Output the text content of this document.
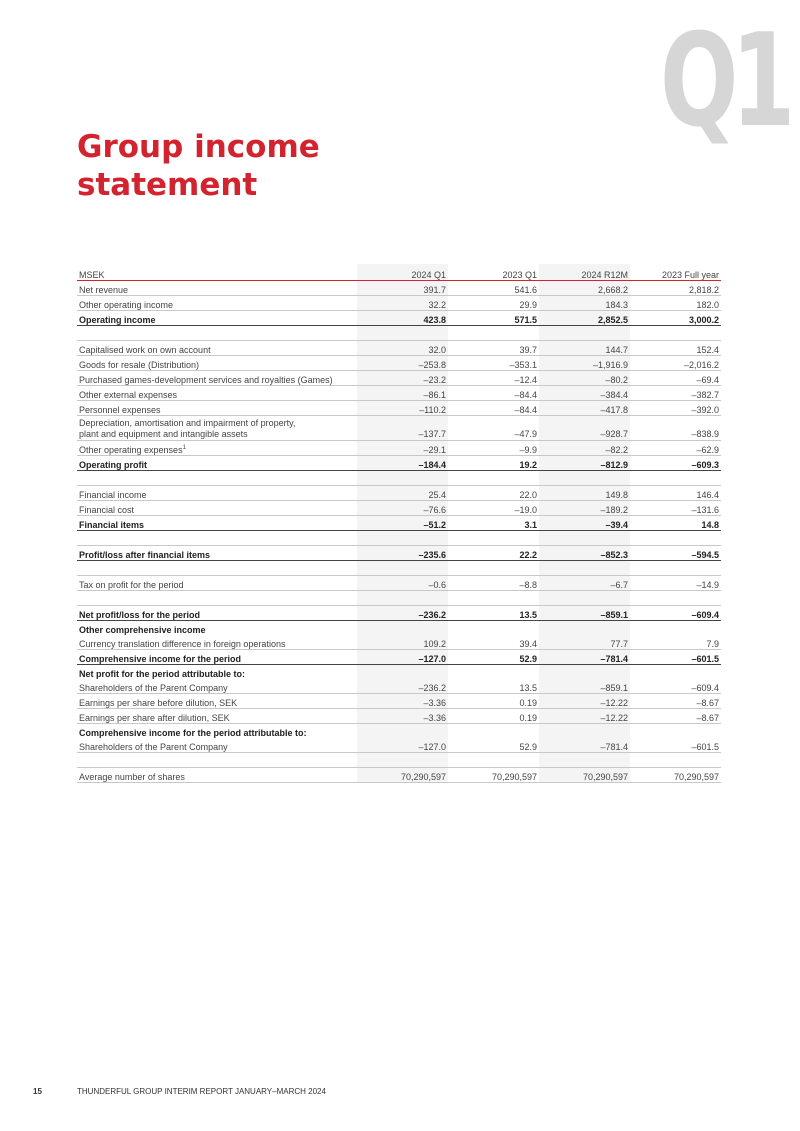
Q1
Group income
statement
MSEK	2024 Q1	2023 Q1	2024 R12M	2023 Full year
Net revenue	391.7	541.6	2,668.2	2,818.2
Other operating income	32.2	29.9	184.3	182.0
Operating income	423.8	571.5	2,852.5	3,000.2

Capitalised work on own account	32.0	39.7	144.7	152.4
Goods for resale (Distribution)	–253.8	–353.1	–1,916.9	–2,016.2
Purchased games-development services and royalties (Games)	–23.2	–12.4	–80.2	–69.4
Other external expenses	–86.1	–84.4	–384.4	–382.7
Personnel expenses	–110.2	–84.4	–417.8	–392.0
Depreciation, amortisation and impairment of property,
plant and equipment and intangible assets	–137.7	–47.9	–928.7	–838.9
Other operating expenses$^1$	–29.1	–9.9	–82.2	–62.9
Operating profit	–184.4	19.2	–812.9	–609.3

Financial income	25.4	22.0	149.8	146.4
Financial cost	–76.6	–19.0	–189.2	–131.6
Financial items	–51.2	3.1	–39.4	14.8

Profit/loss after financial items	–235.6	22.2	–852.3	–594.5

Tax on profit for the period	–0.6	–8.8	–6.7	–14.9

Net profit/loss for the period	–236.2	13.5	–859.1	–609.4
Other comprehensive income				
Currency translation difference in foreign operations	109.2	39.4	77.7	7.9
Comprehensive income for the period	–127.0	52.9	–781.4	–601.5
Net profit for the period attributable to:				
Shareholders of the Parent Company	–236.2	13.5	–859.1	–609.4
Earnings per share before dilution, SEK	–3.36	0.19	–12.22	–8.67
Earnings per share after dilution, SEK	–3.36	0.19	–12.22	–8.67
Comprehensive income for the period attributable to:				
Shareholders of the Parent Company	–127.0	52.9	–781.4	–601.5

Average number of shares	70,290,597	70,290,597	70,290,597	70,290,597
15	THUNDERFUL GROUP INTERIM REPORT JANUARY–MARCH 2024
